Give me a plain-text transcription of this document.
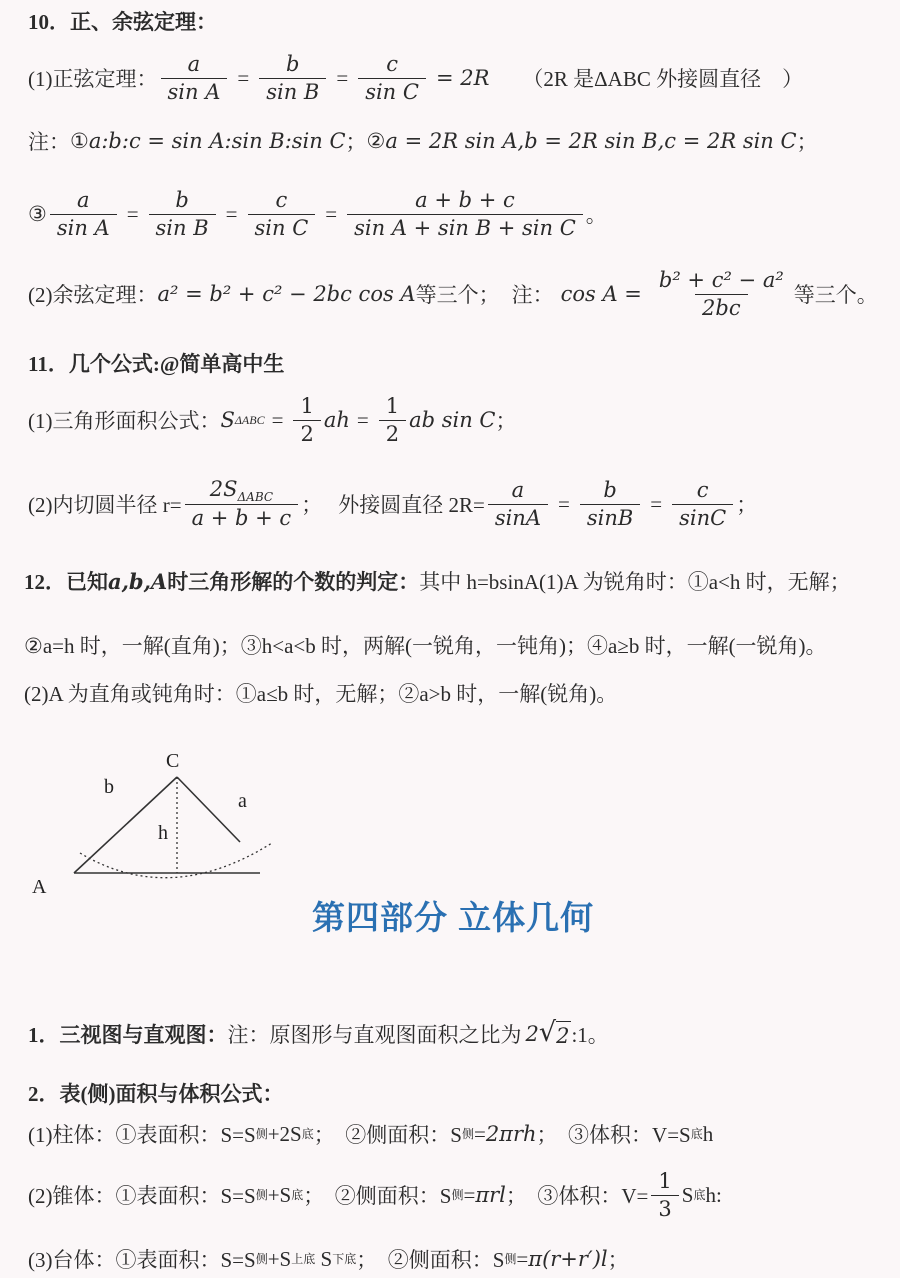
10．正、余弦定理：
(1)正弦定理： $\frac{a}{\text{sin A}} = \frac{b}{\text{sin B}} = \frac{c}{\text{sin C}} = 2R$ （2R 是ΔABC 外接圆直径　）
注： ① a:b:c = sin A:sin B:sin C ； ② a = 2R sin A,b = 2R sin B,c = 2R sin C ；
③ $\frac{a}{\text{sin A}} = \frac{b}{\text{sin B}} = \frac{c}{\text{sin C}} = \frac{a + b + c}{\text{sin A + sin B + sin C}}$ 。
(2)余弦定理： a² = b² + c² − 2bc cos A 等三个； 注： $\cos A = \frac{\text{b² + c² − a²}}{2bc}$ 等三个。
11．几个公式:@简单高中生
(1)三角形面积公式： S $\Delta ABC = \frac{1}{2}$ ah = $\frac{1}{2}$ ab sin C ；
(2)内切圆半径 $r= \frac{2S_{\Delta ABC}}{a + b + c}$ ； 外接圆直径 $2R= \frac{a}{\sin A} = \frac{b}{\sin B} = \frac{c}{\sin C}$ ；
12．已知 a,b,A 时三角形解的个数的判定： 其中 h=bsinA(1)A 为锐角时：①a<h 时，无解；
②a=h 时，一解(直角)；③h<a<b 时，两解(一锐角，一钝角)；④a≥b 时，一解(一锐角)。
(2)A 为直角或钝角时：①a≤b 时，无解；②a>b 时，一解(锐角)。
C
b
a
h
A
第四部分 立体几何
1．三视图与直观图： 注：原图形与直观图面积之比为 2 √ 2 :1。
2．表(侧)面积与体积公式：
(1)柱体： ①表面积：S=S 侧 +2S 底 ； ②侧面积：S 侧 = 2πrh ； ③体积：V=S 底 h
(2)锥体： ①表面积：S=S 侧 +S 底 ； ②侧面积：S 侧 = πrl ； ③体积：$V= \frac{1}{3}$ S 底 h:
(3)台体： ①表面积：S=S 侧 +S 上底 S 下底 ； ②侧面积：S 侧 = π(r+r′)l ；
